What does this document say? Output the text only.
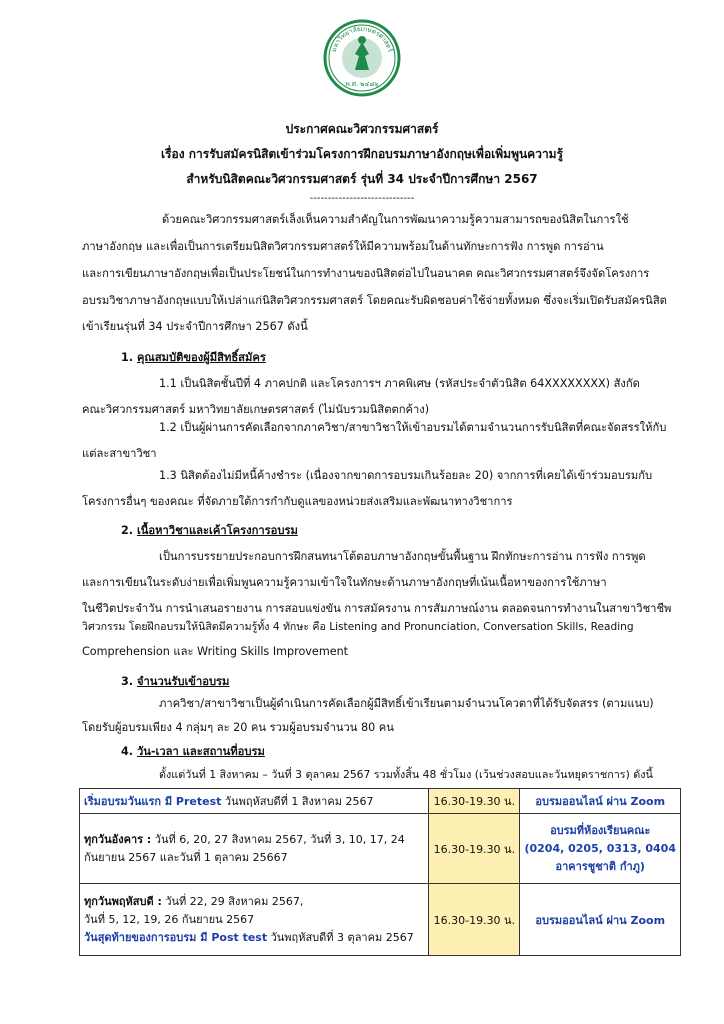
มหาวิทยาลัยเกษตรศาสตร์
พ.ศ. ๒๔๘๖
ประกาศคณะวิศวกรรมศาสตร์
เรื่อง การรับสมัครนิสิตเข้าร่วมโครงการฝึกอบรมภาษาอังกฤษเพื่อเพิ่มพูนความรู้
สำหรับนิสิตคณะวิศวกรรมศาสตร์ รุ่นที่ 34 ประจำปีการศึกษา 2567
-----------------------------
ด้วยคณะวิศวกรรมศาสตร์เล็งเห็นความสำคัญในการพัฒนาความรู้ความสามารถของนิสิตในการใช้
ภาษาอังกฤษ และเพื่อเป็นการเตรียมนิสิตวิศวกรรมศาสตร์ให้มีความพร้อมในด้านทักษะการฟัง การพูด การอ่าน
และการเขียนภาษาอังกฤษเพื่อเป็นประโยชน์ในการทำงานของนิสิตต่อไปในอนาคต คณะวิศวกรรมศาสตร์จึงจัดโครงการ
อบรมวิชาภาษาอังกฤษแบบให้เปล่าแก่นิสิตวิศวกรรมศาสตร์ โดยคณะรับผิดชอบค่าใช้จ่ายทั้งหมด ซึ่งจะเริ่มเปิดรับสมัครนิสิต
เข้าเรียนรุ่นที่ 34 ประจำปีการศึกษา 2567 ดังนี้
1. คุณสมบัติของผู้มีสิทธิ์สมัคร
1.1 เป็นนิสิตชั้นปีที่ 4 ภาคปกติ และโครงการฯ ภาคพิเศษ (รหัสประจำตัวนิสิต 64XXXXXXXX) สังกัด
คณะวิศวกรรมศาสตร์ มหาวิทยาลัยเกษตรศาสตร์ (ไม่นับรวมนิสิตตกค้าง)
1.2 เป็นผู้ผ่านการคัดเลือกจากภาควิชา/สาขาวิชาให้เข้าอบรมได้ตามจำนวนการรับนิสิตที่คณะจัดสรรให้กับ
แต่ละสาขาวิชา
1.3 นิสิตต้องไม่มีหนี้ค้างชำระ (เนื่องจากขาดการอบรมเกินร้อยละ 20) จากการที่เคยได้เข้าร่วมอบรมกับ
โครงการอื่นๆ ของคณะ ที่จัดภายใต้การกำกับดูแลของหน่วยส่งเสริมและพัฒนาทางวิชาการ
2. เนื้อหาวิชาและเค้าโครงการอบรม
เป็นการบรรยายประกอบการฝึกสนทนาโต้ตอบภาษาอังกฤษขั้นพื้นฐาน ฝึกทักษะการอ่าน การฟัง การพูด
และการเขียนในระดับง่ายเพื่อเพิ่มพูนความรู้ความเข้าใจในทักษะด้านภาษาอังกฤษที่เน้นเนื้อหาของการใช้ภาษา
ในชีวิตประจำวัน การนำเสนอรายงาน การสอบแข่งขัน การสมัครงาน การสัมภาษณ์งาน ตลอดจนการทำงานในสาขาวิชาชีพ
วิศวกรรม โดยฝึกอบรมให้นิสิตมีความรู้ทั้ง 4 ทักษะ คือ Listening and Pronunciation, Conversation Skills, Reading
Comprehension และ Writing Skills Improvement
3. จำนวนรับเข้าอบรม
ภาควิชา/สาขาวิชาเป็นผู้ดำเนินการคัดเลือกผู้มีสิทธิ์เข้าเรียนตามจำนวนโควตาที่ได้รับจัดสรร (ตามแนบ)
โดยรับผู้อบรมเพียง 4 กลุ่มๆ ละ 20 คน รวมผู้อบรมจำนวน 80 คน
4. วัน-เวลา และสถานที่อบรม
ตั้งแต่วันที่ 1 สิงหาคม – วันที่ 3 ตุลาคม 2567 รวมทั้งสิ้น 48 ชั่วโมง (เว้นช่วงสอบและวันหยุดราชการ) ดังนี้
เริ่มอบรมวันแรก มี Pretest วันพฤหัสบดีที่ 1 สิงหาคม 2567	16.30-19.30 น.	อบรมออนไลน์ ผ่าน Zoom

ทุกวันอังคาร : วันที่ 6, 20, 27 สิงหาคม 2567, วันที่ 3, 10, 17, 24
กันยายน 2567 และวันที่ 1 ตุลาคม 25667	16.30-19.30 น.	อบรมที่ห้องเรียนคณะ
(0204, 0205, 0313, 0404
อาคารชูชาติ กำภู)

ทุกวันพฤหัสบดี : วันที่ 22, 29 สิงหาคม 2567,
วันที่ 5, 12, 19, 26 กันยายน 2567
วันสุดท้ายของการอบรม มี Post test วันพฤหัสบดีที่ 3 ตุลาคม 2567	16.30-19.30 น.	อบรมออนไลน์ ผ่าน Zoom
